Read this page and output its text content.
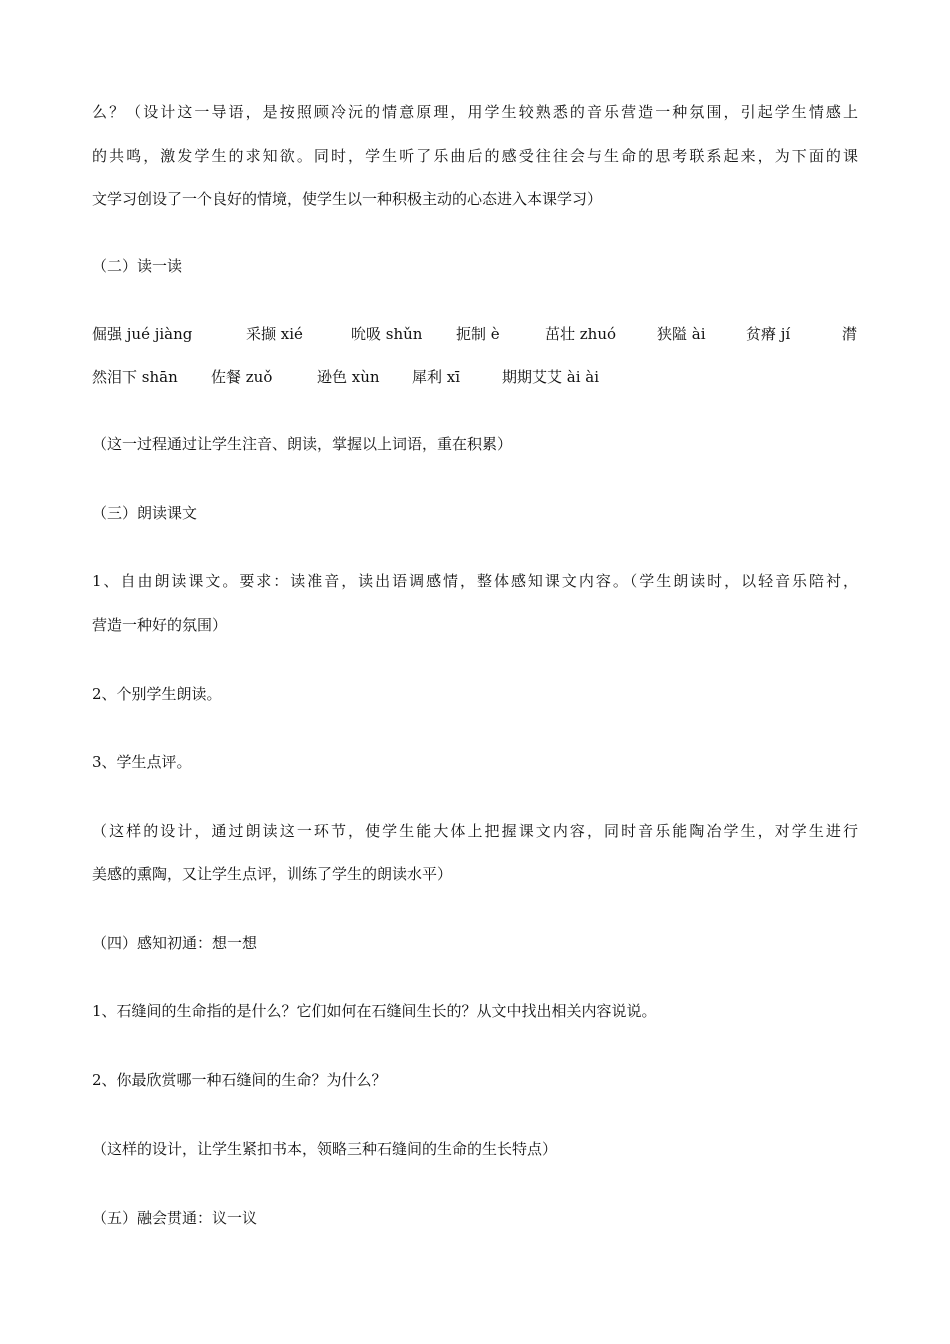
么？（设计这一导语，是按照顾冷沅的情意原理，用学生较熟悉的音乐营造一种氛围，引起学生情感上
的共鸣，激发学生的求知欲。同时，学生听了乐曲后的感受往往会与生命的思考联系起来，为下面的课
文学习创设了一个良好的情境，使学生以一种积极主动的心态进入本课学习）
（二）读一读
倔强 jué jiàng	采撷 xié	吮吸 shǔn 扼制 è	茁壮 zhuó	狭隘 ài	贫瘠 jí	潸
然泪下 shān 佐餐 zuǒ	逊色 xùn 犀利 xī	期期艾艾 ài ài
（这一过程通过让学生注音、朗读，掌握以上词语，重在积累）
（三）朗读课文
1、自由朗读课文。要求：读准音，读出语调感情，整体感知课文内容。（学生朗读时，以轻音乐陪衬，
营造一种好的氛围）
2、个别学生朗读。
3、学生点评。
（这样的设计，通过朗读这一环节，使学生能大体上把握课文内容，同时音乐能陶冶学生，对学生进行
美感的熏陶，又让学生点评，训练了学生的朗读水平）
（四）感知初通：想一想
1、石缝间的生命指的是什么？它们如何在石缝间生长的？从文中找出相关内容说说。
2、你最欣赏哪一种石缝间的生命？为什么？
（这样的设计，让学生紧扣书本，领略三种石缝间的生命的生长特点）
（五）融会贯通：议一议
